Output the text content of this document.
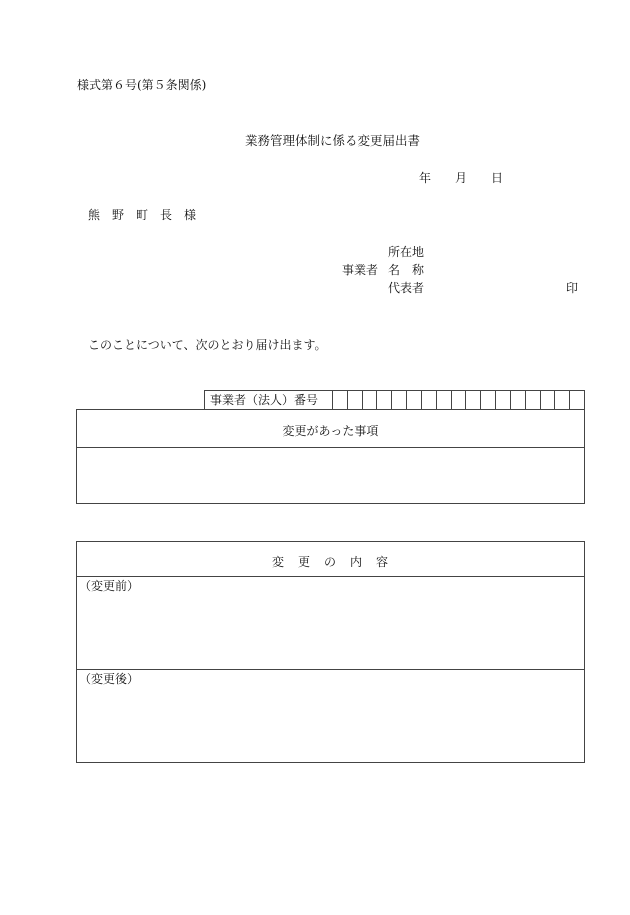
様式第６号(第５条関係)
業務管理体制に係る変更届出書
年 月 日
熊　野　町　長　様
所在地
事業者 名　称
代表者	印
このことについて、次のとおり届け出ます。
事業者（法人）番号
変更があった事項
変　更　の　内　容
（変更前）
（変更後）
